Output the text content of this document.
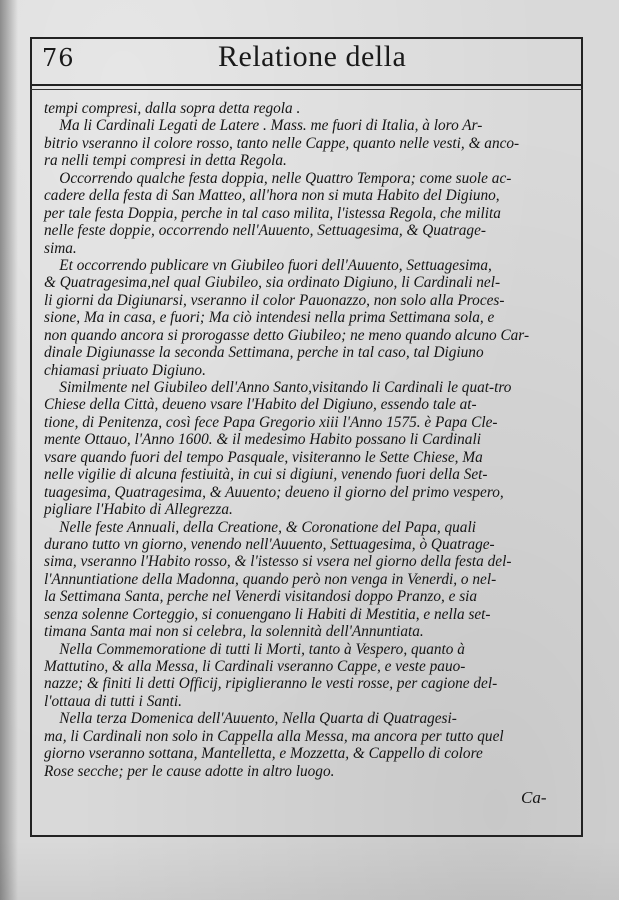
76	Relatione della
tempi compresi, dalla sopra detta regola .
Ma li Cardinali Legati de Latere . Mass. me fuori di Italia, à loro Ar-
bitrio vseranno il colore rosso, tanto nelle Cappe, quanto nelle vesti, & anco-
ra nelli tempi compresi in detta Regola.
Occorrendo qualche festa doppia, nelle Quattro Tempora; come suole ac-
cadere della festa di San Matteo, all'hora non si muta Habito del Digiuno,
per tale festa Doppia, perche in tal caso milita, l'istessa Regola, che milita
nelle feste doppie, occorrendo nell'Auuento, Settuagesima, & Quatrage-
sima.
Et occorrendo publicare vn Giubileo fuori dell'Auuento, Settuagesima,
& Quatragesima,nel qual Giubileo, sia ordinato Digiuno, li Cardinali nel-
li giorni da Digiunarsi, vseranno il color Pauonazzo, non solo alla Proces-
sione, Ma in casa, e fuori; Ma ciò intendesi nella prima Settimana sola, e
non quando ancora si prorogasse detto Giubileo; ne meno quando alcuno Car-
dinale Digiunasse la seconda Settimana, perche in tal caso, tal Digiuno
chiamasi priuato Digiuno.
Similmente nel Giubileo dell'Anno Santo,visitando li Cardinali le quat-tro
Chiese della Città, deueno vsare l'Habito del Digiuno, essendo tale at-
tione, di Penitenza, così fece Papa Gregorio xiii l'Anno 1575. è Papa Cle-
mente Ottauo, l'Anno 1600. & il medesimo Habito possano li Cardinali
vsare quando fuori del tempo Pasquale, visiteranno le Sette Chiese, Ma
nelle vigilie di alcuna festiuità, in cui si digiuni, venendo fuori della Set-
tuagesima, Quatragesima, & Auuento; deueno il giorno del primo vespero,
pigliare l'Habito di Allegrezza.
Nelle feste Annuali, della Creatione, & Coronatione del Papa, quali
durano tutto vn giorno, venendo nell'Auuento, Settuagesima, ò Quatrage-
sima, vseranno l'Habito rosso, & l'istesso si vsera nel giorno della festa del-
l'Annuntiatione della Madonna, quando però non venga in Venerdi, o nel-
la Settimana Santa, perche nel Venerdi visitandosi doppo Pranzo, e sia
senza solenne Corteggio, si conuengano li Habiti di Mestitia, e nella set-
timana Santa mai non si celebra, la solennità dell'Annuntiata.
Nella Commemoratione di tutti li Morti, tanto à Vespero, quanto à
Mattutino, & alla Messa, li Cardinali vseranno Cappe, e veste pauo-
nazze; & finiti li detti Officij, ripiglieranno le vesti rosse, per cagione del-
l'ottaua di tutti i Santi.
Nella terza Domenica dell'Auuento, Nella Quarta di Quatragesi-
ma, li Cardinali non solo in Cappella alla Messa, ma ancora per tutto quel
giorno vseranno sottana, Mantelletta, e Mozzetta, & Cappello di colore
Rose secche; per le cause adotte in altro luogo.
Ca-
